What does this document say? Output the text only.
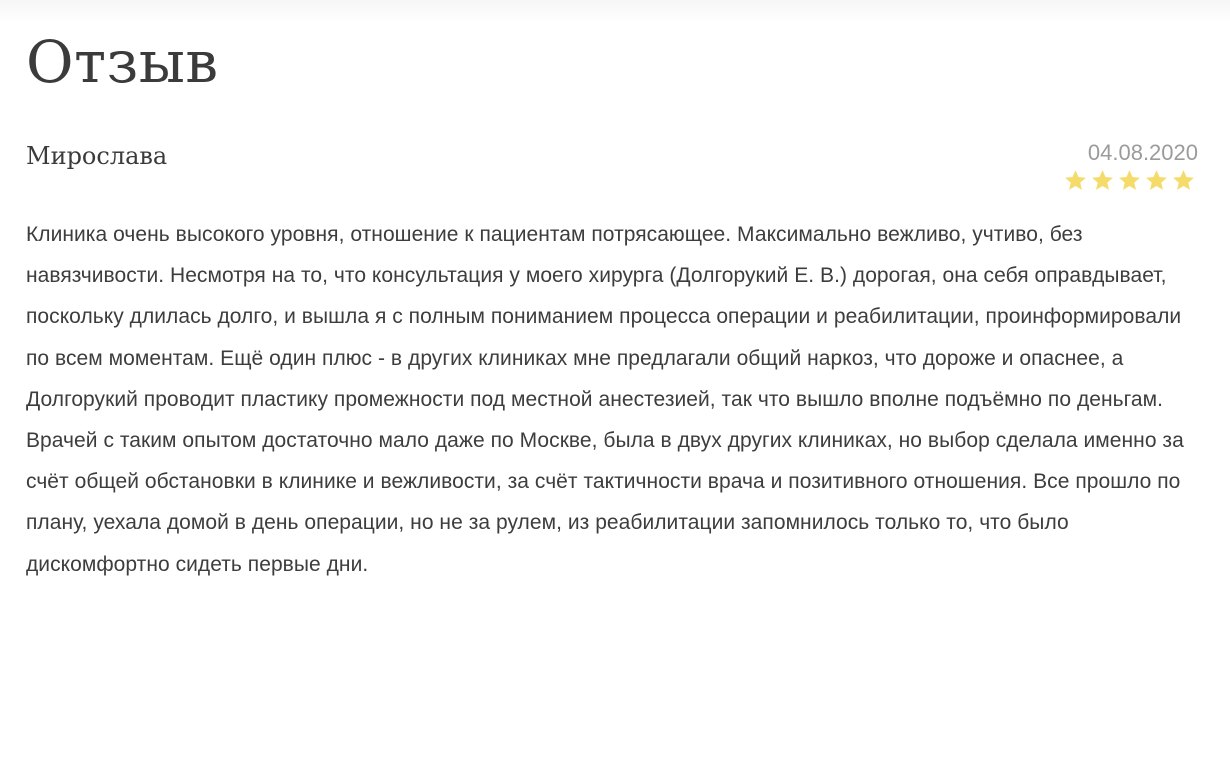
Отзыв
Мирослава	04.08.2020

Клиника очень высокого уровня, отношение к пациентам потрясающее. Максимально вежливо, учтиво, без навязчивости. Несмотря на то, что консультация у моего хирурга (Долгорукий Е. В.) дорогая, она себя оправдывает, поскольку длилась долго, и вышла я с полным пониманием процесса операции и реабилитации, проинформировали по всем моментам. Ещё один плюс - в других клиниках мне предлагали общий наркоз, что дороже и опаснее, а Долгорукий проводит пластику промежности под местной анестезией, так что вышло вполне подъёмно по деньгам. Врачей с таким опытом достаточно мало даже по Москве, была в двух других клиниках, но выбор сделала именно за счёт общей обстановки в клинике и вежливости, за счёт тактичности врача и позитивного отношения. Все прошло по плану, уехала домой в день операции, но не за рулем, из реабилитации запомнилось только то, что было дискомфортно сидеть первые дни.
